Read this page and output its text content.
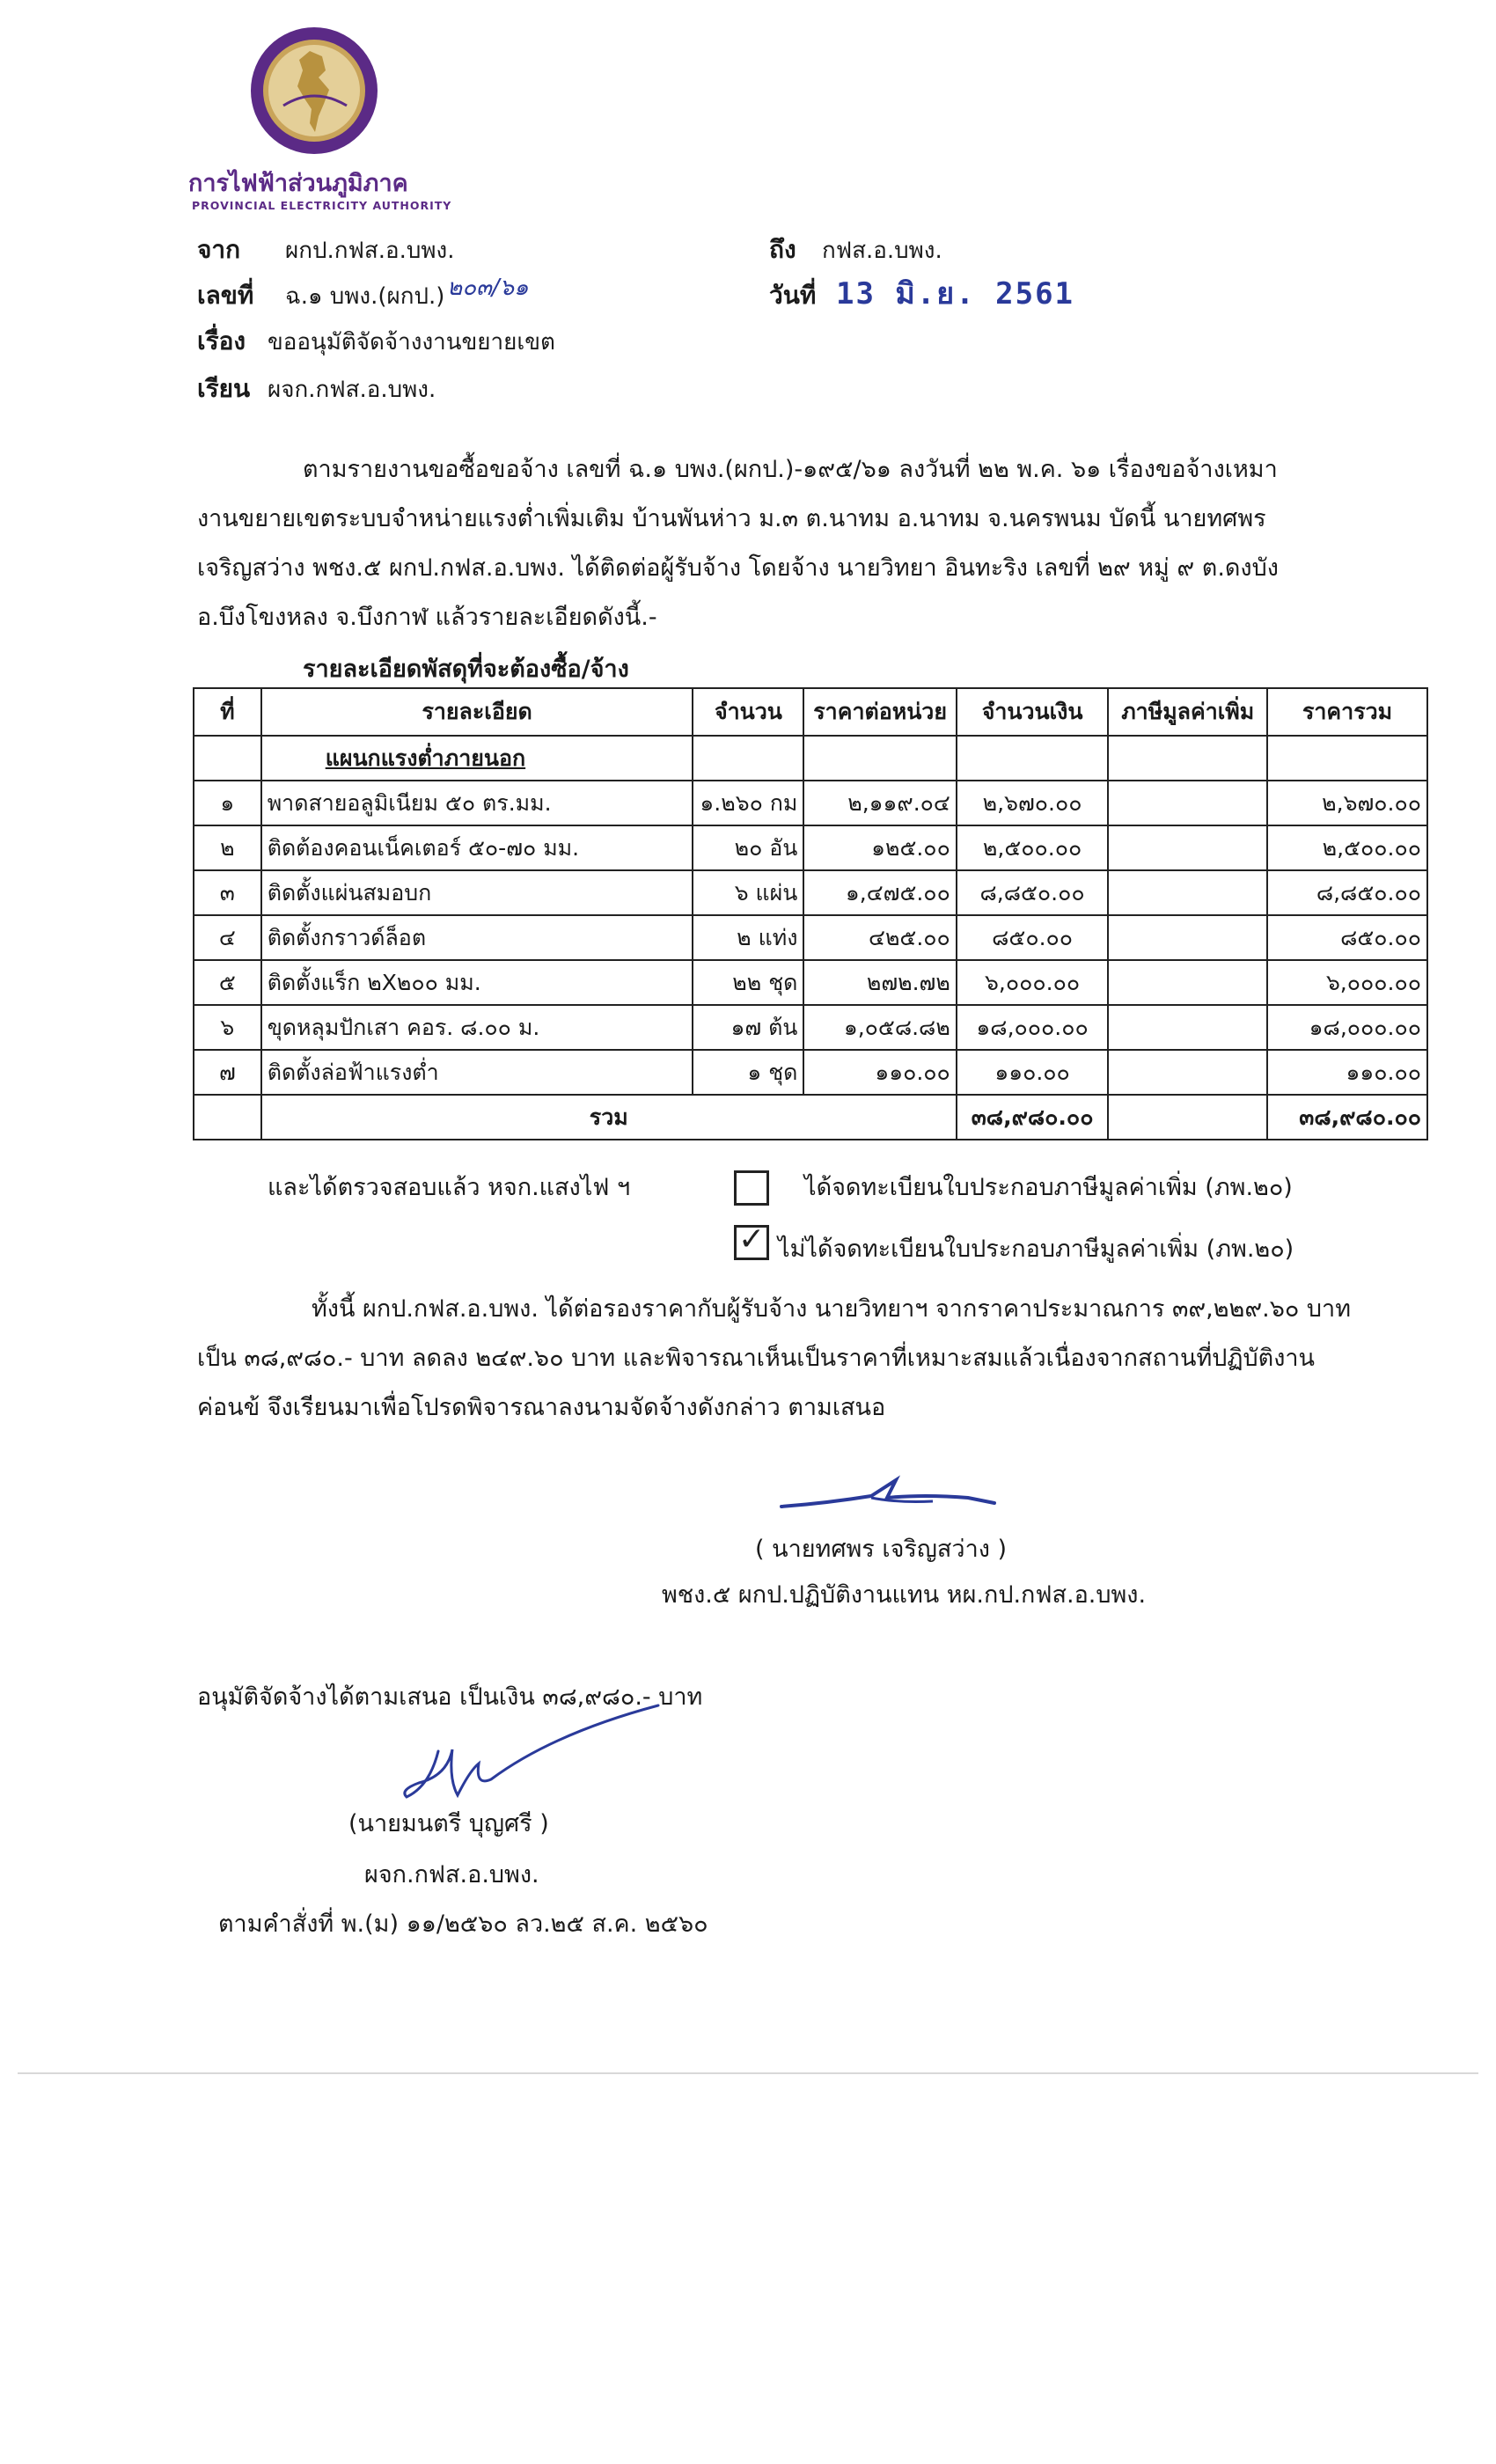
การไฟฟ้าส่วนภูมิภาค
PROVINCIAL ELECTRICITY AUTHORITY
จาก ผกป.กฟส.อ.บพง.	ถึง กฟส.อ.บพง.
เลขที่ ฉ.๑ บพง.(ผกป.) ๒๐๓/๖๑	วันที่ 13 มิ.ย. 2561
เรื่อง ขออนุมัติจัดจ้างงานขยายเขต
เรียน ผจก.กฟส.อ.บพง.
ตามรายงานขอซื้อขอจ้าง เลขที่ ฉ.๑ บพง.(ผกป.)-๑๙๕/๖๑ ลงวันที่ ๒๒ พ.ค. ๖๑ เรื่องขอจ้างเหมา
งานขยายเขตระบบจำหน่ายแรงต่ำเพิ่มเติม บ้านพันห่าว ม.๓ ต.นาทม อ.นาทม จ.นครพนม บัดนี้ นายทศพร
เจริญสว่าง พชง.๕ ผกป.กฟส.อ.บพง. ได้ติดต่อผู้รับจ้าง โดยจ้าง นายวิทยา อินทะริง เลขที่ ๒๙ หมู่ ๙ ต.ดงบัง
อ.บึงโขงหลง จ.บึงกาฬ แล้วรายละเอียดดังนี้.-
รายละเอียดพัสดุที่จะต้องซื้อ/จ้าง
ที่	รายละเอียด	จำนวน	ราคาต่อหน่วย	จำนวนเงิน	ภาษีมูลค่าเพิ่ม	ราคารวม
	แผนกแรงต่ำภายนอก					
๑	พาดสายอลูมิเนียม ๕๐ ตร.มม.	๑.๒๖๐ กม	๒,๑๑๙.๐๔	๒,๖๗๐.๐๐		๒,๖๗๐.๐๐
๒	ติดต้องคอนเน็คเตอร์ ๕๐-๗๐ มม.	๒๐ อัน	๑๒๕.๐๐	๒,๕๐๐.๐๐		๒,๕๐๐.๐๐
๓	ติดตั้งแผ่นสมอบก	๖ แผ่น	๑,๔๗๕.๐๐	๘,๘๕๐.๐๐		๘,๘๕๐.๐๐
๔	ติดตั้งกราวด์ล็อต	๒ แท่ง	๔๒๕.๐๐	๘๕๐.๐๐		๘๕๐.๐๐
๕	ติดตั้งแร็ก ๒X๒๐๐ มม.	๒๒ ชุด	๒๗๒.๗๒	๖,๐๐๐.๐๐		๖,๐๐๐.๐๐
๖	ขุดหลุมปักเสา คอร. ๘.๐๐ ม.	๑๗ ต้น	๑,๐๕๘.๘๒	๑๘,๐๐๐.๐๐		๑๘,๐๐๐.๐๐
๗	ติดตั้งล่อฟ้าแรงต่ำ	๑ ชุด	๑๑๐.๐๐	๑๑๐.๐๐		๑๑๐.๐๐
	รวม			๓๘,๙๘๐.๐๐		๓๘,๙๘๐.๐๐
และได้ตรวจสอบแล้ว หจก.แสงไฟ ฯ	ได้จดทะเบียนใบประกอบภาษีมูลค่าเพิ่ม (ภพ.๒๐)
✓ ไม่ได้จดทะเบียนใบประกอบภาษีมูลค่าเพิ่ม (ภพ.๒๐)
ทั้งนี้ ผกป.กฟส.อ.บพง. ได้ต่อรองราคากับผู้รับจ้าง นายวิทยาฯ จากราคาประมาณการ ๓๙,๒๒๙.๖๐ บาท
เป็น ๓๘,๙๘๐.- บาท ลดลง ๒๔๙.๖๐ บาท และพิจารณาเห็นเป็นราคาที่เหมาะสมแล้วเนื่องจากสถานที่ปฏิบัติงาน
ค่อนข้ จึงเรียนมาเพื่อโปรดพิจารณาลงนามจัดจ้างดังกล่าว ตามเสนอ
( นายทศพร เจริญสว่าง )
พชง.๕ ผกป.ปฏิบัติงานแทน หผ.กป.กฟส.อ.บพง.
อนุมัติจัดจ้างได้ตามเสนอ เป็นเงิน ๓๘,๙๘๐.- บาท
(นายมนตรี บุญศรี )
ผจก.กฟส.อ.บพง.
ตามคำสั่งที่ พ.(ม) ๑๑/๒๕๖๐ ลว.๒๕ ส.ค. ๒๕๖๐
